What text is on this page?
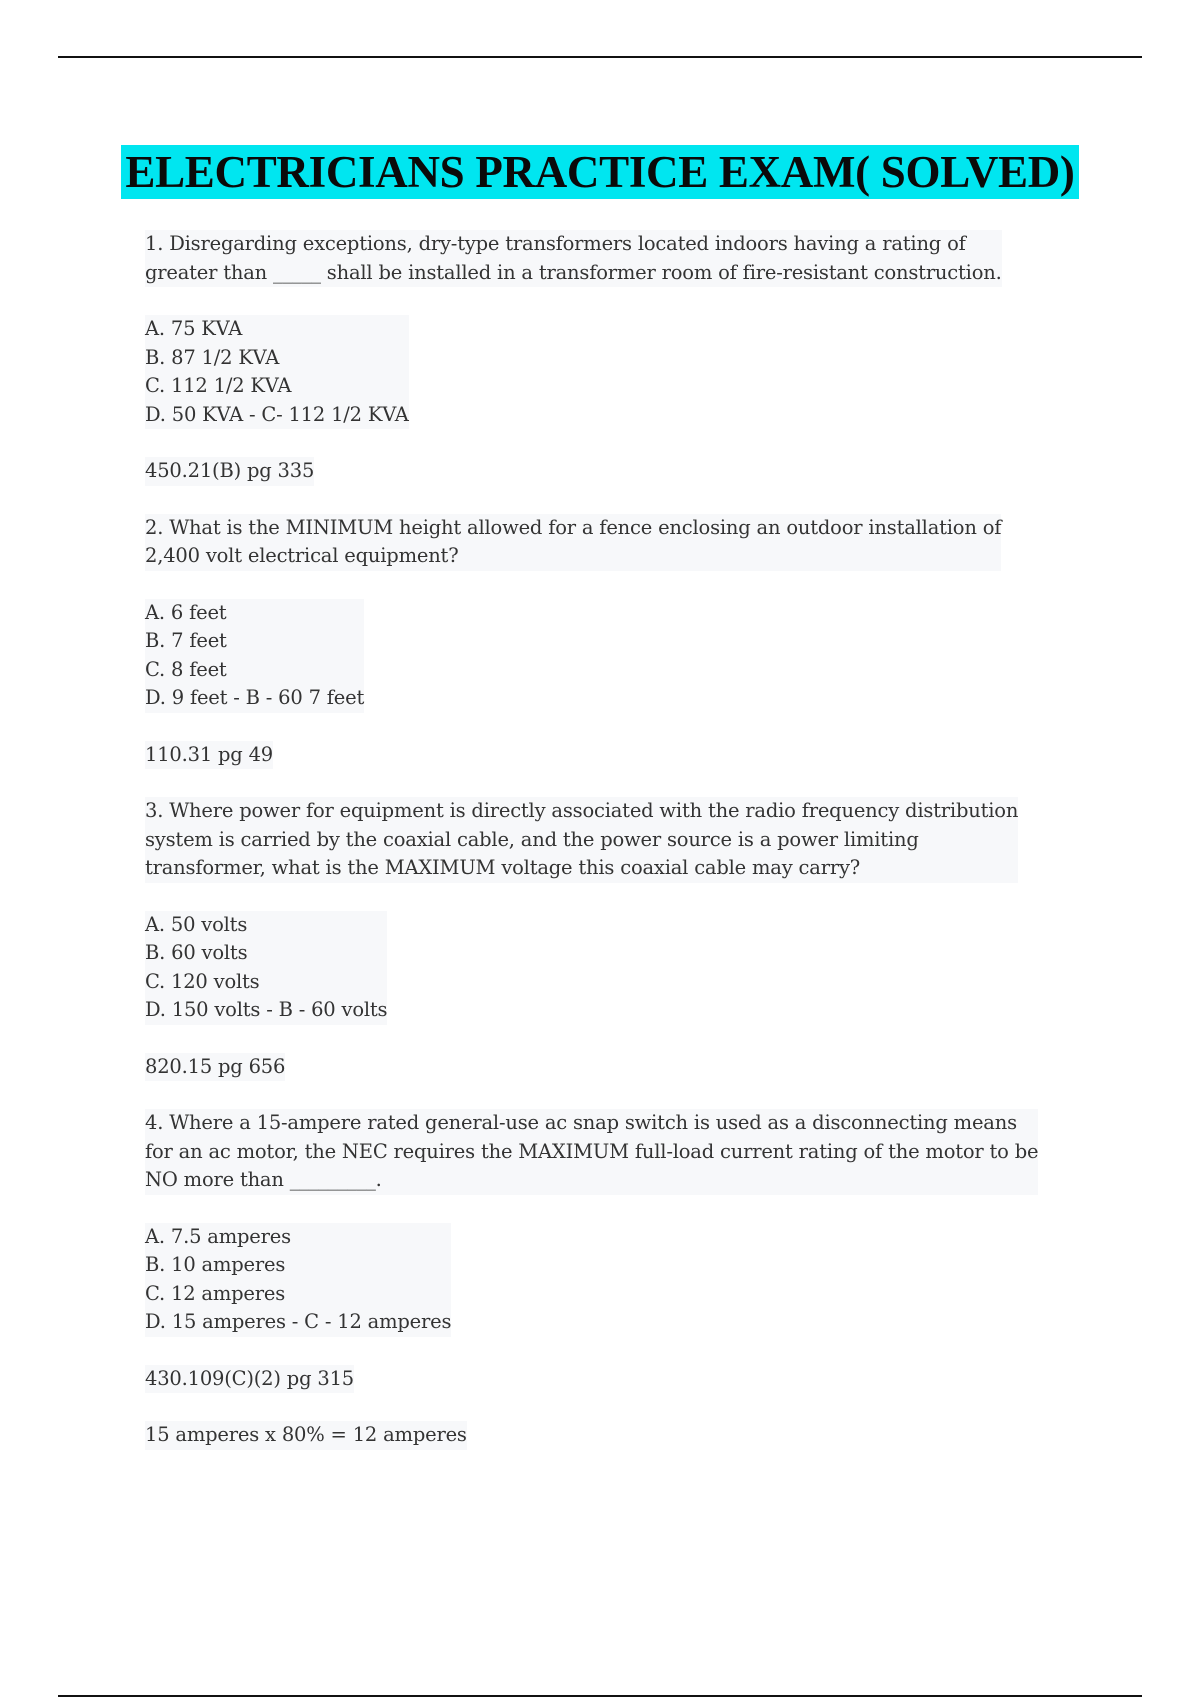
ELECTRICIANS PRACTICE EXAM( SOLVED)
1. Disregarding exceptions, dry-type transformers located indoors having a rating of
greater than _____ shall be installed in a transformer room of fire-resistant construction.

A. 75 KVA
B. 87 1/2 KVA
C. 112 1/2 KVA
D. 50 KVA - C- 112 1/2 KVA
450.21(B) pg 335
2. What is the MINIMUM height allowed for a fence enclosing an outdoor installation of
2,400 volt electrical equipment?

A. 6 feet
B. 7 feet
C. 8 feet
D. 9 feet - B - 60 7 feet
110.31 pg 49
3. Where power for equipment is directly associated with the radio frequency distribution
system is carried by the coaxial cable, and the power source is a power limiting
transformer, what is the MAXIMUM voltage this coaxial cable may carry?

A. 50 volts
B. 60 volts
C. 120 volts
D. 150 volts - B - 60 volts
820.15 pg 656
4. Where a 15-ampere rated general-use ac snap switch is used as a disconnecting means
for an ac motor, the NEC requires the MAXIMUM full-load current rating of the motor to be
NO more than _________.

A. 7.5 amperes
B. 10 amperes
C. 12 amperes
D. 15 amperes - C - 12 amperes
430.109(C)(2) pg 315
15 amperes x 80% = 12 amperes
